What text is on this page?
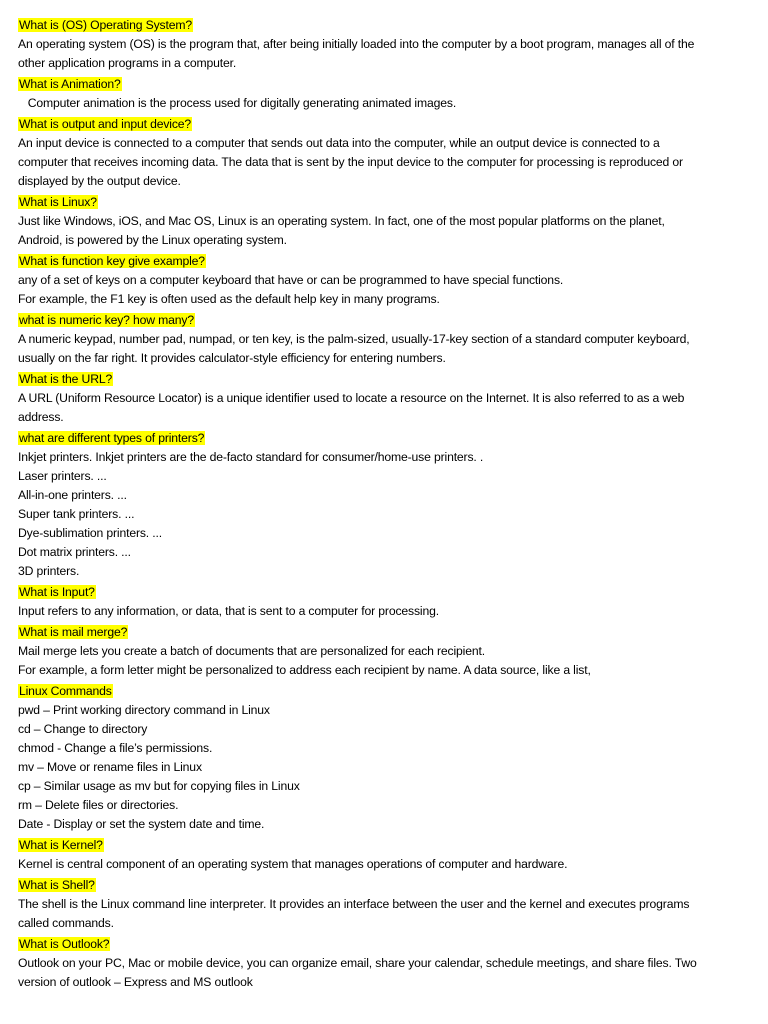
What is (OS) Operating System?

An operating system (OS) is the program that, after being initially loaded into the computer by a boot program, manages all of the other application programs in a computer.

What is Animation?

Computer animation is the process used for digitally generating animated images.

What is output and input device?

An input device is connected to a computer that sends out data into the computer, while an output device is connected to a computer that receives incoming data. The data that is sent by the input device to the computer for processing is reproduced or displayed by the output device.

What is Linux?

Just like Windows, iOS, and Mac OS, Linux is an operating system. In fact, one of the most popular platforms on the planet, Android, is powered by the Linux operating system.

What is function key give example?

any of a set of keys on a computer keyboard that have or can be programmed to have special functions.

For example, the F1 key is often used as the default help key in many programs.

what is numeric key? how many?

A numeric keypad, number pad, numpad, or ten key, is the palm-sized, usually-17-key section of a standard computer keyboard, usually on the far right. It provides calculator-style efficiency for entering numbers.

What is the URL?

A URL (Uniform Resource Locator) is a unique identifier used to locate a resource on the Internet. It is also referred to as a web address.

what are different types of printers?

Inkjet printers. Inkjet printers are the de-facto standard for consumer/home-use printers. .

Laser printers. ...

All-in-one printers. ...

Super tank printers. ...

Dye-sublimation printers. ...

Dot matrix printers. ...

3D printers.

What is Input?

Input refers to any information, or data, that is sent to a computer for processing.

What is mail merge?

Mail merge lets you create a batch of documents that are personalized for each recipient.

For example, a form letter might be personalized to address each recipient by name. A data source, like a list,

Linux Commands

pwd – Print working directory command in Linux

cd – Change to directory

chmod - Change a file’s permissions.

mv – Move or rename files in Linux

cp – Similar usage as mv but for copying files in Linux

rm – Delete files or directories.

Date - Display or set the system date and time.

What is Kernel?

Kernel is central component of an operating system that manages operations of computer and hardware.

What is Shell?

The shell is the Linux command line interpreter. It provides an interface between the user and the kernel and executes programs called commands.

What is Outlook?

Outlook on your PC, Mac or mobile device, you can organize email, share your calendar, schedule meetings, and share files. Two version of outlook – Express and MS outlook
